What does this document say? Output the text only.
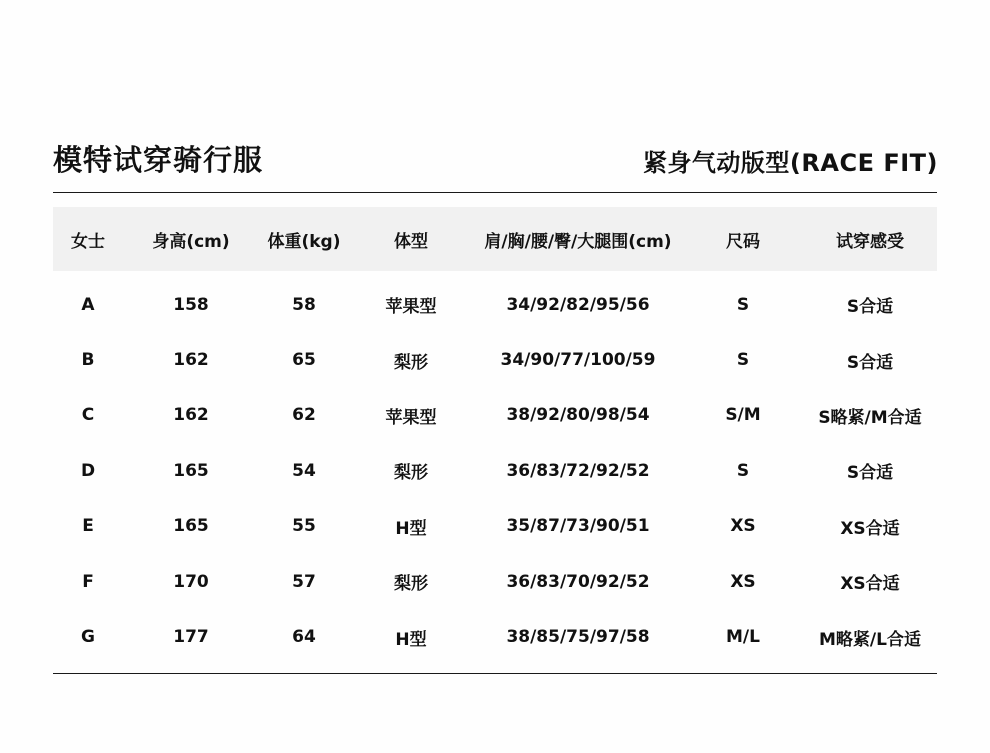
模特试穿骑行服	紧身气动版型(RACE FIT)
女士	身高(cm)	体重(kg)	体型	肩/胸/腰/臀/大腿围(cm)	尺码	试穿感受
A	158	58	苹果型	34/92/82/95/56	S	S合适
B	162	65	梨形	34/90/77/100/59	S	S合适
C	162	62	苹果型	38/92/80/98/54	S/M	S略紧/M合适
D	165	54	梨形	36/83/72/92/52	S	S合适
E	165	55	H型	35/87/73/90/51	XS	XS合适
F	170	57	梨形	36/83/70/92/52	XS	XS合适
G	177	64	H型	38/85/75/97/58	M/L	M略紧/L合适
